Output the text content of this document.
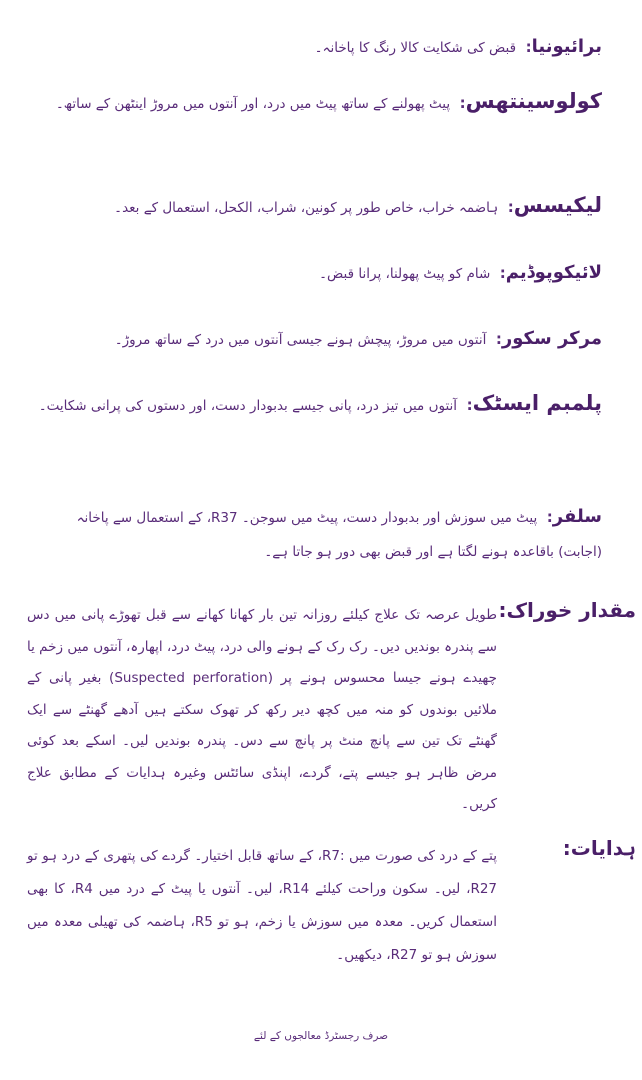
برائیونیا:  قبض کی شکایت کالا رنگ کا پاخانہ۔
کولوسینتھس:  پیٹ پھولنے کے ساتھ پیٹ میں درد، اور آنتوں میں مروڑ اینٹھن کے ساتھ۔
لیکیسس:  ہاضمہ خراب، خاص طور پر کونین، شراب، الکحل، استعمال کے بعد۔
لائیکوپوڈیم:  شام کو پیٹ پھولنا، پرانا قبض۔
مرکر سکور:  آنتوں میں مروڑ، پیچش ہونے جیسی آنتوں میں درد کے ساتھ مروڑ۔
پلمبم ایسٹک:  آنتوں میں تیز درد، پانی جیسے بدبودار دست، اور دستوں کی پرانی شکایت۔
سلفر:  پیٹ میں سوزش اور بدبودار دست، پیٹ میں سوجن۔ R37، کے استعمال سے پاخانہ (اجابت) باقاعدہ ہونے لگتا ہے اور قبض بھی دور ہو جاتا ہے۔
مقدار خوراک:
طویل عرصہ تک علاج کیلئے روزانہ تین بار کھانا کھانے سے قبل تھوڑے پانی میں دس سے پندرہ بوندیں دیں۔ رک رک کے ہونے والی درد، پیٹ درد، اپھارہ، آنتوں میں زخم یا چھیدے ہونے جیسا محسوس ہونے پر (Suspected perforation) بغیر پانی کے ملائیں بوندوں کو منہ میں کچھ دیر رکھ کر تھوک سکتے ہیں آدھے گھنٹے سے ایک گھنٹے تک تین سے پانچ منٹ پر پانچ سے دس۔ پندرہ بوندیں لیں۔ اسکے بعد کوئی مرض ظاہر ہو جیسے پتے، گردے، اپنڈی سائٹس وغیرہ ہدایات کے مطابق علاج کریں۔
ہدایات:
پتے کے درد کی صورت میں :R7، کے ساتھ قابل اختیار۔ گردے کی پتھری کے درد ہو تو R27، لیں۔ سکون وراحت کیلئے R14، لیں۔ آنتوں یا پیٹ کے درد میں R4، کا بھی استعمال کریں۔ معدہ میں سوزش یا زخم، ہو تو R5، ہاضمہ کی تھیلی معدہ میں سوزش ہو تو R27، دیکھیں۔
صرف رجسٹرڈ معالجوں کے لئے
